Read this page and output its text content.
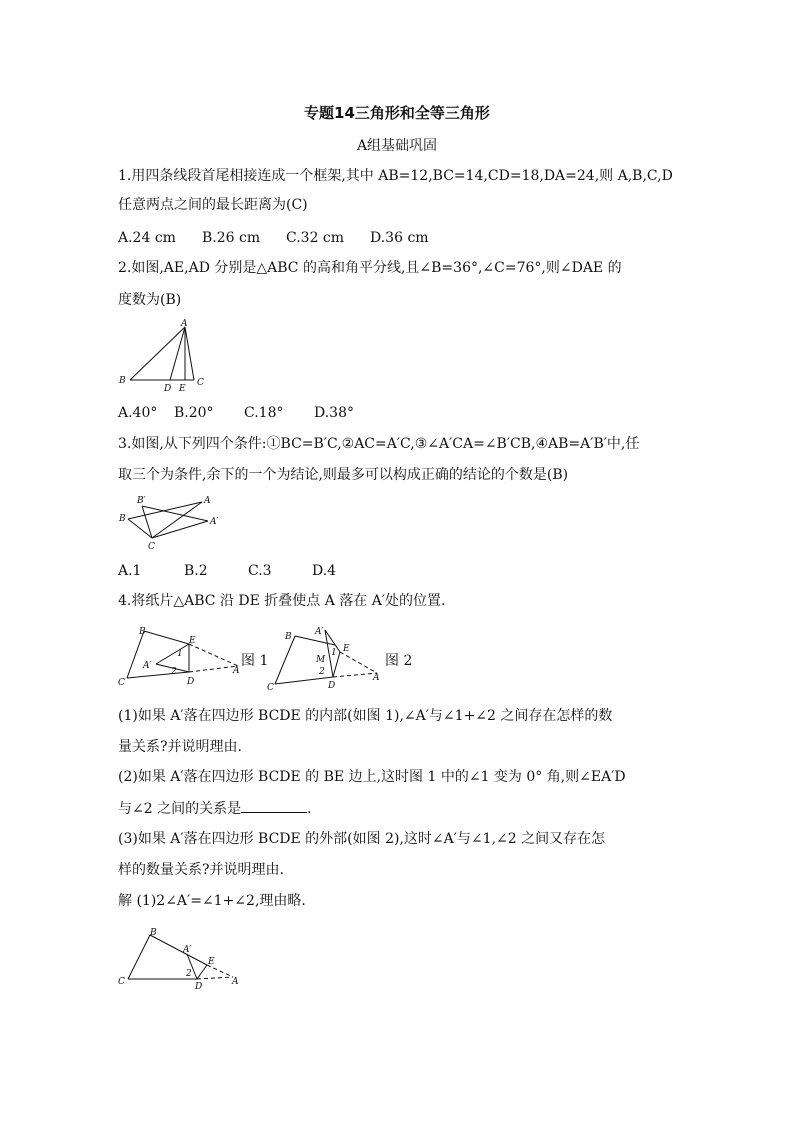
专题14三角形和全等三角形
A组基础巩固
1.用四条线段首尾相接连成一个框架,其中 AB=12,BC=14,CD=18,DA=24,则 A,B,C,D
任意两点之间的最长距离为(C)
A.24 cm B.26 cm C.32 cm D.36 cm
2.如图,AE,AD 分别是△ABC 的高和角平分线,且∠B=36°,∠C=76°,则∠DAE 的
度数为(B)
A
B
D E
C
A.40° B.20° C.18° D.38°
3.如图,从下列四个条件:①BC=B′C,②AC=A′C,③∠A′CA=∠B′CB,④AB=A′B′中,任
取三个为条件,余下的一个为结论,则最多可以构成正确的结论的个数是(B)
B′	A
B	A′
C
A.1	B.2	C.3	D.4
4.将纸片△ABC 沿 DE 折叠使点 A 落在 A′处的位置.
B
E
1
A′
2
D
A
C
图 1
A′
B
1 E
M
2
D
A
C
图 2
(1)如果 A′落在四边形 BCDE 的内部(如图 1),∠A′与∠1+∠2 之间存在怎样的数
量关系?并说明理由.
(2)如果 A′落在四边形 BCDE 的 BE 边上,这时图 1 中的∠1 变为 0° 角,则∠EA′D
与∠2 之间的关系是	.
(3)如果 A′落在四边形 BCDE 的外部(如图 2),这时∠A′与∠1,∠2 之间又存在怎
样的数量关系?并说明理由.
解 (1)2∠A′=∠1+∠2,理由略.
B
A′
E
2
C	D	A
